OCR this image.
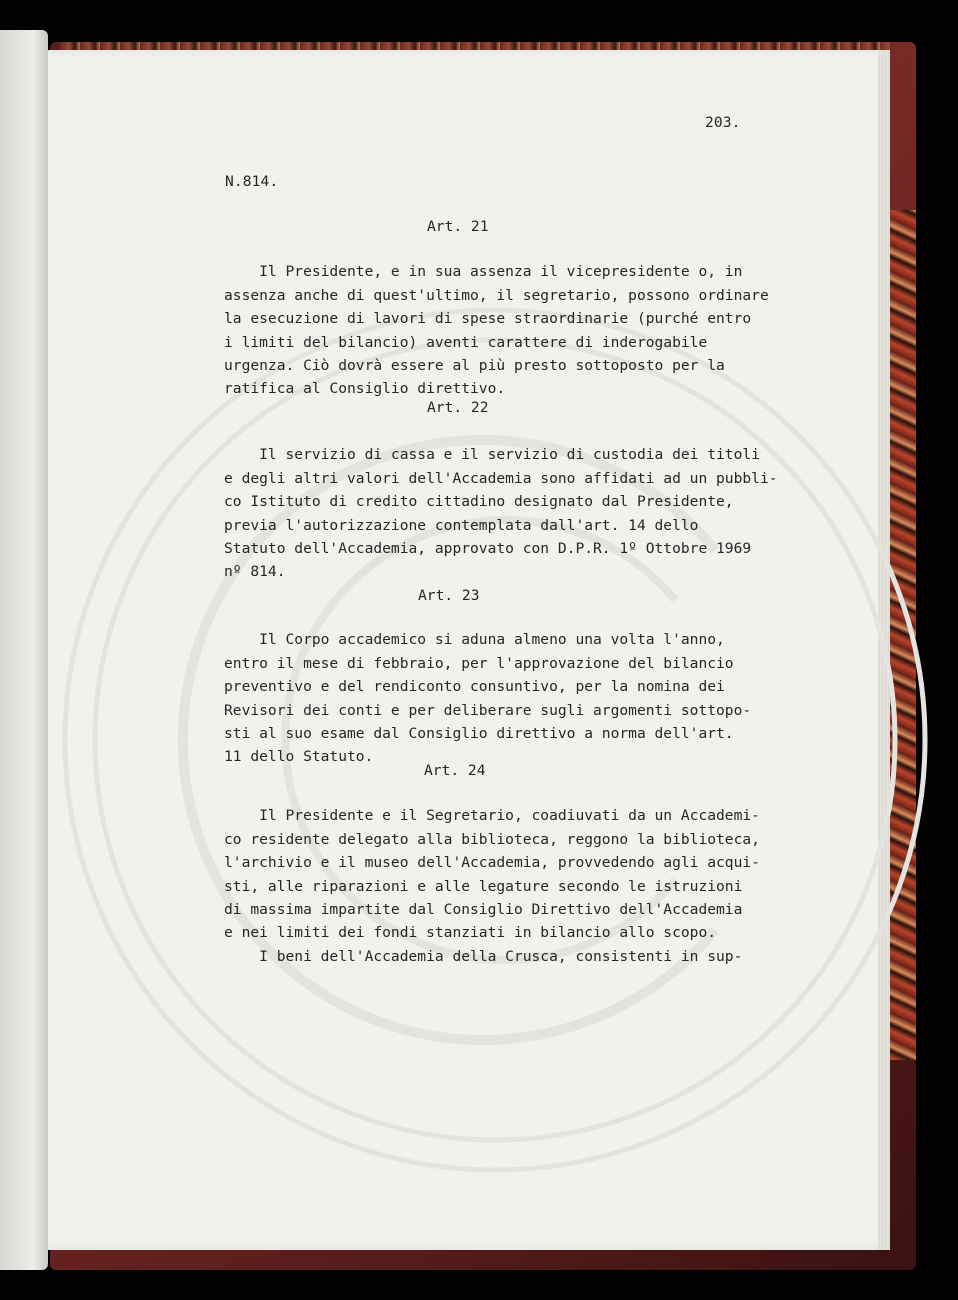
203.
N.814.
Art. 21

Il Presidente, e in sua assenza il vicepresidente o, in
assenza anche di quest'ultimo, il segretario, possono ordinare
la esecuzione di lavori di spese straordinarie (purché entro
i limiti del bilancio) aventi carattere di inderogabile
urgenza. Ciò dovrà essere al più presto sottoposto per la
ratifica al Consiglio direttivo.
Art. 22

Il servizio di cassa e il servizio di custodia dei titoli
e degli altri valori dell'Accademia sono affidati ad un pubbli-
co Istituto di credito cittadino designato dal Presidente,
previa l'autorizzazione contemplata dall'art. 14 dello
Statuto dell'Accademia, approvato con D.P.R. 1º Ottobre 1969
nº 814.
Art. 23

Il Corpo accademico si aduna almeno una volta l'anno,
entro il mese di febbraio, per l'approvazione del bilancio
preventivo e del rendiconto consuntivo, per la nomina dei
Revisori dei conti e per deliberare sugli argomenti sottopo-
sti al suo esame dal Consiglio direttivo a norma dell'art.
11 dello Statuto.
Art. 24

Il Presidente e il Segretario, coadiuvati da un Accademi-
co residente delegato alla biblioteca, reggono la biblioteca,
l'archivio e il museo dell'Accademia, provvedendo agli acqui-
sti, alle riparazioni e alle legature secondo le istruzioni
di massima impartite dal Consiglio Direttivo dell'Accademia
e nei limiti dei fondi stanziati in bilancio allo scopo.
I beni dell'Accademia della Crusca, consistenti in sup-
